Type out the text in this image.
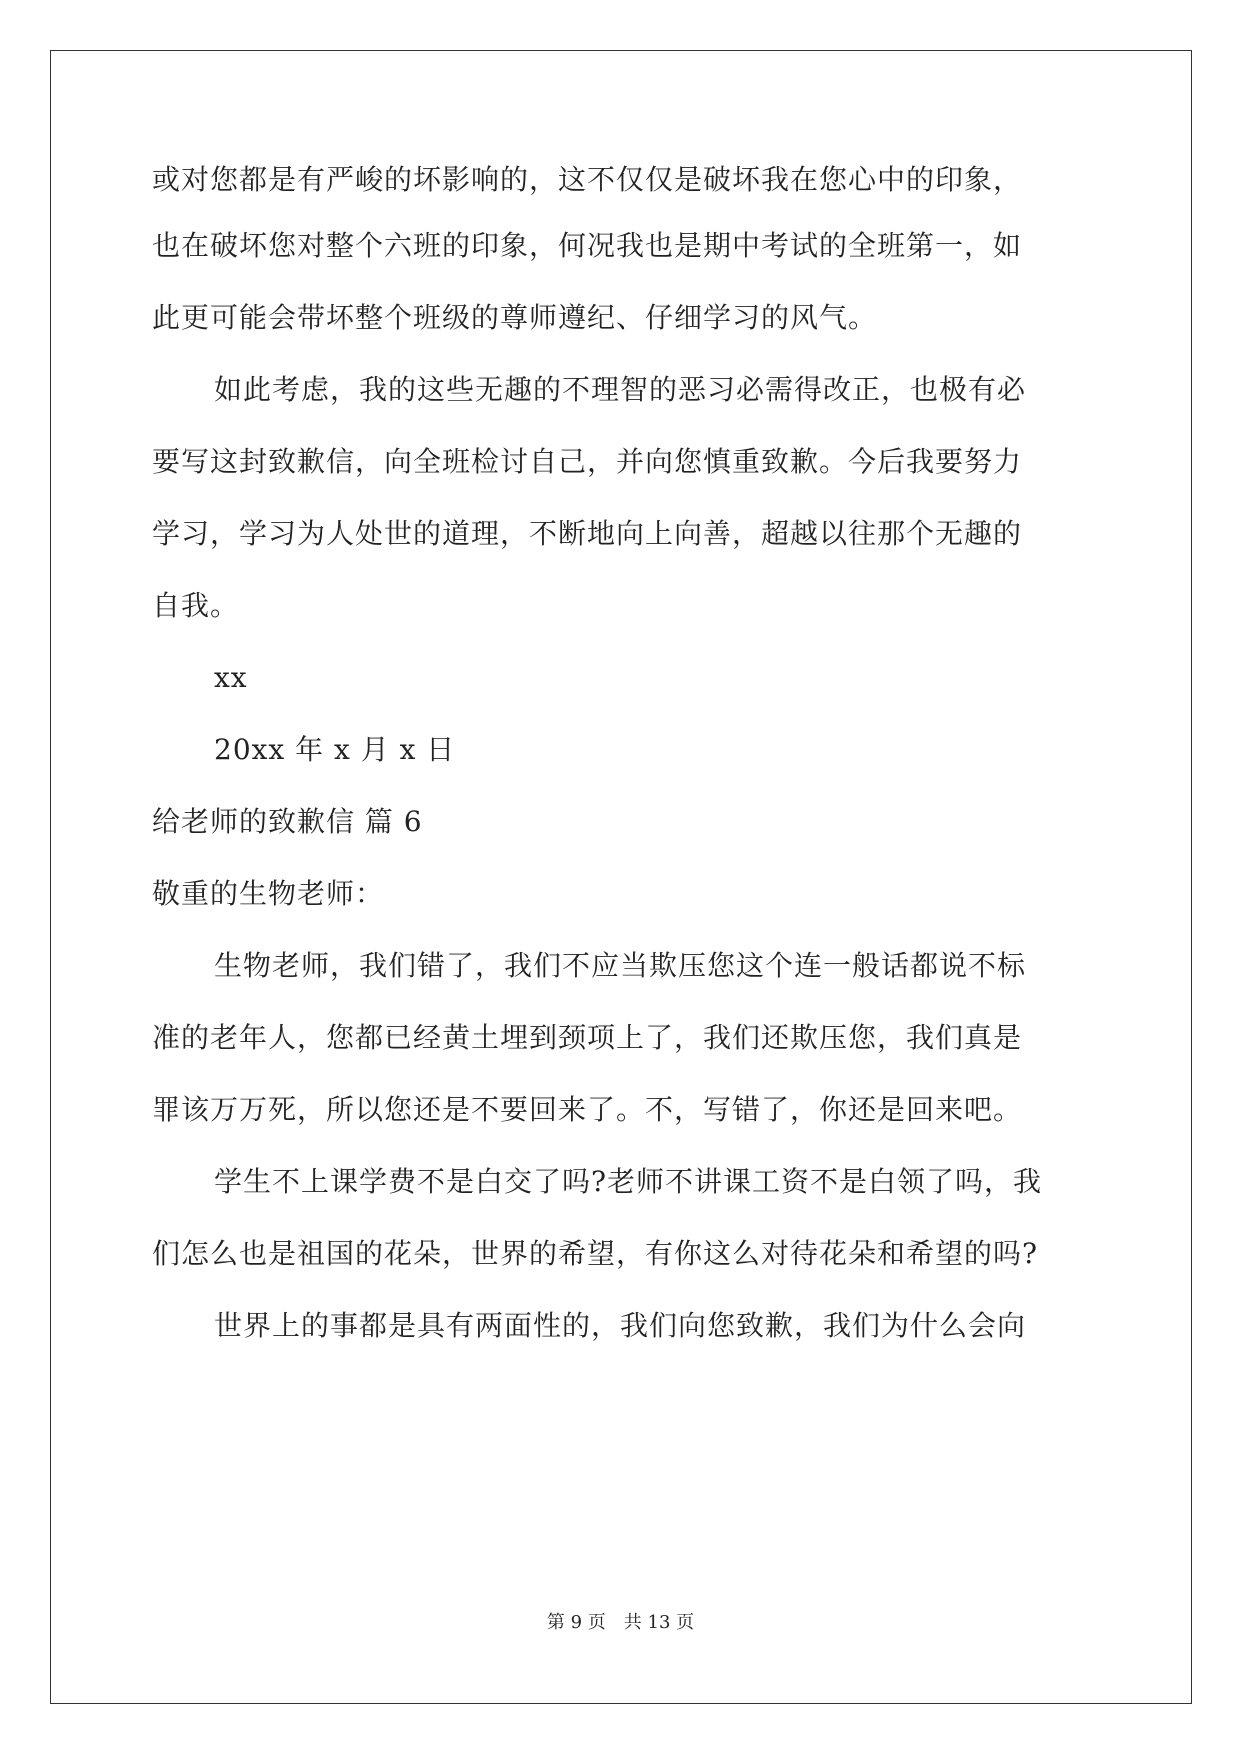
或对您都是有严峻的坏影响的，这不仅仅是破坏我在您心中的印象，
也在破坏您对整个六班的印象，何况我也是期中考试的全班第一，如
此更可能会带坏整个班级的尊师遵纪、仔细学习的风气。
如此考虑，我的这些无趣的不理智的恶习必需得改正，也极有必
要写这封致歉信，向全班检讨自己，并向您慎重致歉。今后我要努力
学习，学习为人处世的道理，不断地向上向善，超越以往那个无趣的
自我。
xx
20xx 年 x 月 x 日
给老师的致歉信 篇 6
敬重的生物老师：
生物老师，我们错了，我们不应当欺压您这个连一般话都说不标
准的老年人，您都已经黄土埋到颈项上了，我们还欺压您，我们真是
罪该万万死，所以您还是不要回来了。不，写错了，你还是回来吧。
学生不上课学费不是白交了吗?老师不讲课工资不是白领了吗，我
们怎么也是祖国的花朵，世界的希望，有你这么对待花朵和希望的吗?
世界上的事都是具有两面性的，我们向您致歉，我们为什么会向
第 9 页　共 13 页
